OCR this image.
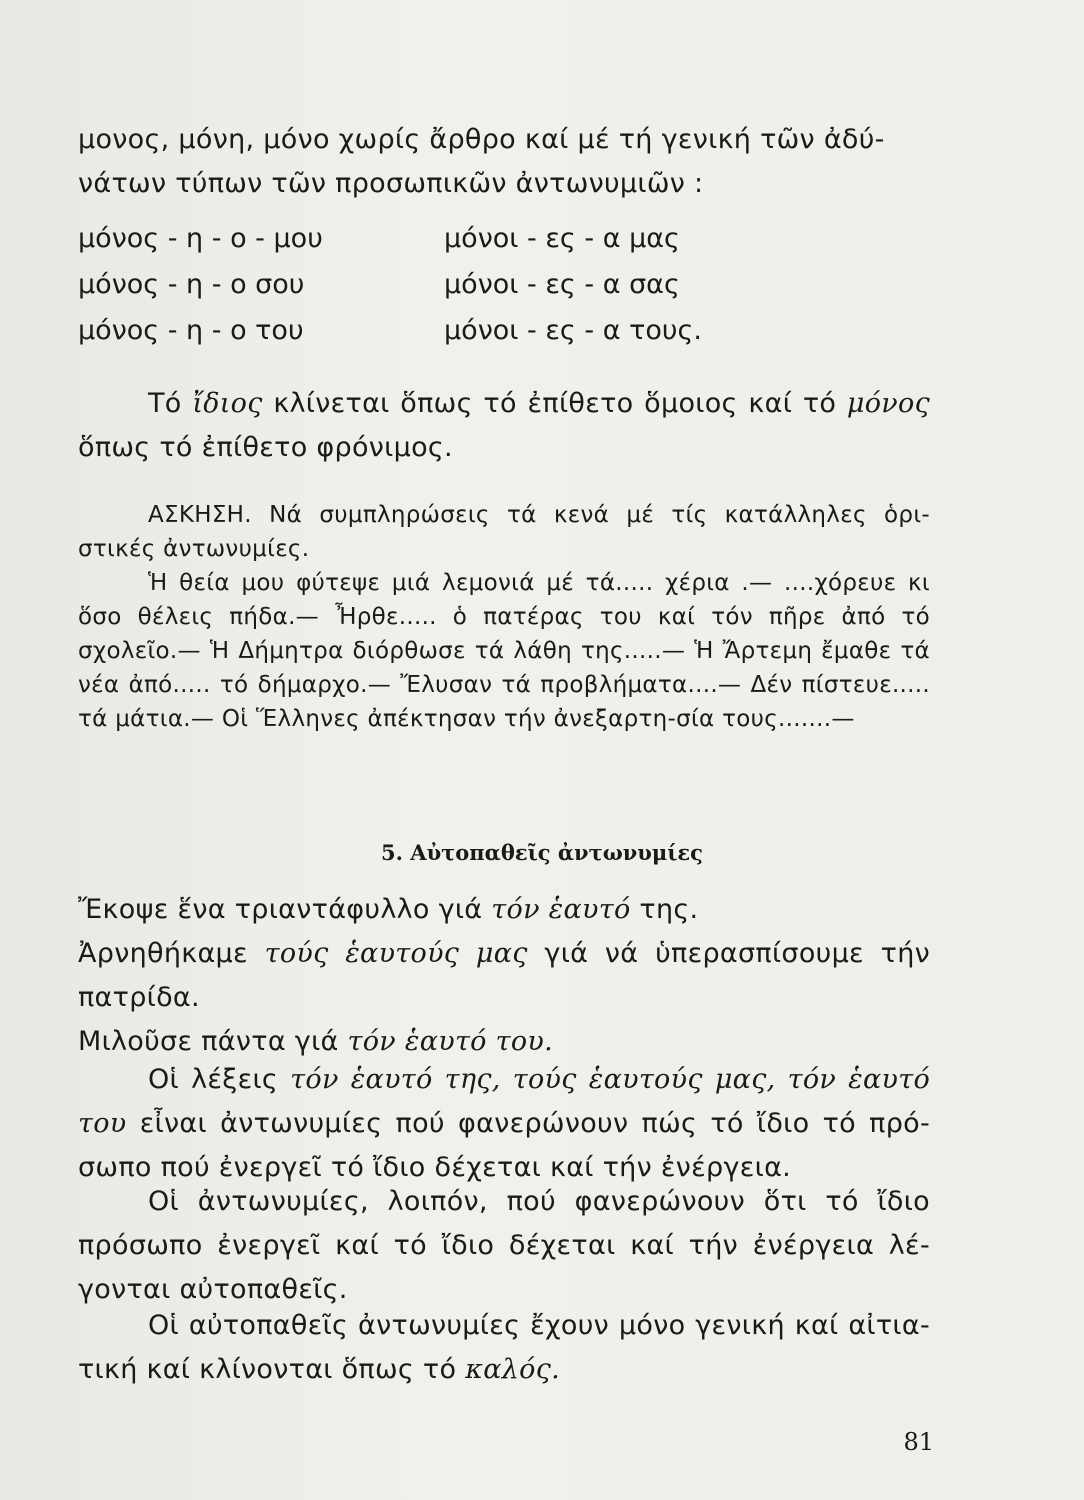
μονος, μόνη, μόνο χωρίς ἄρθρο καί μέ τή γενική τῶν ἀδύ-

νάτων τύπων τῶν προσωπικῶν ἀντωνυμιῶν :

μόνος - η - ο - μου	μόνοι - ες - α μας
μόνος - η - ο σου	μόνοι - ες - α σας
μόνος - η - ο του	μόνοι - ες - α τους.

Τό ἴδιος κλίνεται ὅπως τό ἐπίθετο ὅμοιος καί τό μόνος ὅπως τό ἐπίθετο φρόνιμος.

ΑΣΚΗΣΗ. Νά συμπληρώσεις τά κενά μέ τίς κατάλληλες ὁρι-στικές ἀντωνυμίες.

Ἡ θεία μου φύτεψε μιά λεμονιά μέ τά..... χέρια .— ....χόρευε κι ὅσο θέλεις πήδα.— Ἦρθε..... ὁ πατέρας του καί τόν πῆρε ἀπό τό σχολεῖο.— Ἡ Δήμητρα διόρθωσε τά λάθη της.....— Ἡ Ἄρτεμη ἔμαθε τά νέα ἀπό..... τό δήμαρχο.— Ἔλυσαν τά προβλήματα....— Δέν πίστευε..... τά μάτια.— Οἱ Ἕλληνες ἀπέκτησαν τήν ἀνεξαρτη-σία τους.......—

5. Αὐτοπαθεῖς ἀντωνυμίες

Ἔκοψε ἕνα τριαντάφυλλο γιά τόν ἑαυτό της.

Ἀρνηθήκαμε τούς ἑαυτούς μας γιά νά ὑπερασπίσουμε τήν πατρίδα.

Μιλοῦσε πάντα γιά τόν ἑαυτό του.

Οἱ λέξεις τόν ἑαυτό της, τούς ἑαυτούς μας, τόν ἑαυτό του εἶναι ἀντωνυμίες πού φανερώνουν πώς τό ἴδιο τό πρό-σωπο πού ἐνεργεῖ τό ἴδιο δέχεται καί τήν ἐνέργεια.

Οἱ ἀντωνυμίες, λοιπόν, πού φανερώνουν ὅτι τό ἴδιο πρόσωπο ἐνεργεῖ καί τό ἴδιο δέχεται καί τήν ἐνέργεια λέ-γονται αὐτοπαθεῖς.

Οἱ αὐτοπαθεῖς ἀντωνυμίες ἔχουν μόνο γενική καί αἰτια-τική καί κλίνονται ὅπως τό καλός.

81
